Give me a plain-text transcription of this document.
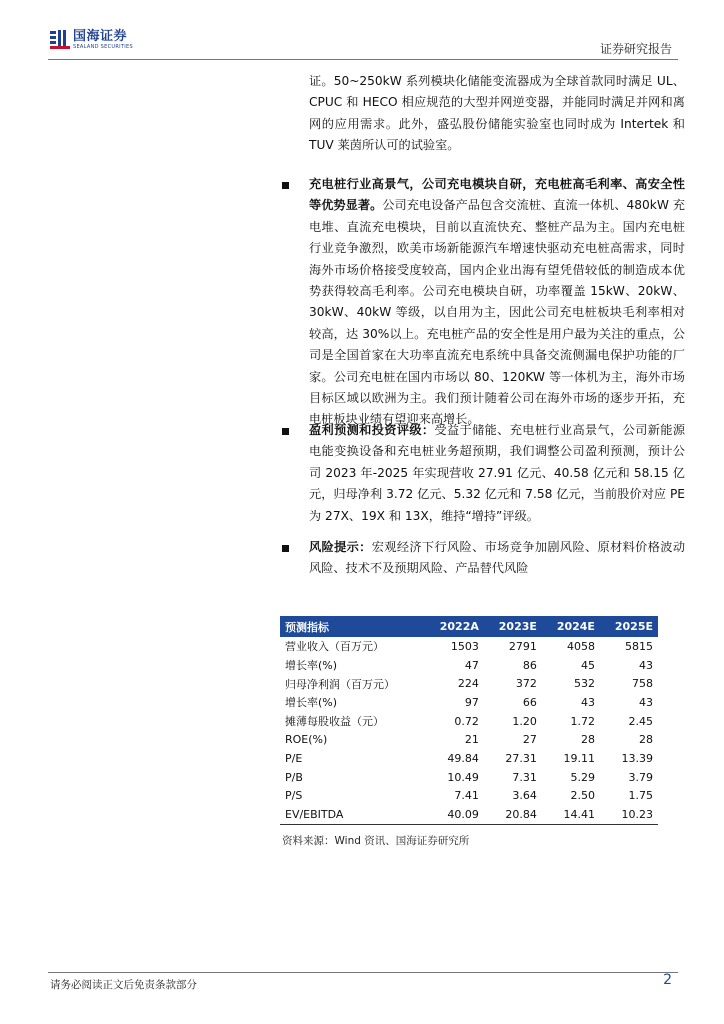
国海证券
SEALAND SECURITIES	证券研究报告

证。50~250kW 系列模块化储能变流器成为全球首款同时满足 UL、CPUC 和 HECO 相应规范的大型并网逆变器，并能同时满足并网和离网的应用需求。此外，盛弘股份储能实验室也同时成为 Intertek 和 TUV 莱茵所认可的试验室。

充电桩行业高景气，公司充电模块自研，充电桩高毛利率、高安全性等优势显著。公司充电设备产品包含交流桩、直流一体机、480kW 充电堆、直流充电模块，目前以直流快充、整桩产品为主。国内充电桩行业竞争激烈，欧美市场新能源汽车增速快驱动充电桩高需求，同时海外市场价格接受度较高，国内企业出海有望凭借较低的制造成本优势获得较高毛利率。公司充电模块自研，功率覆盖 15kW、20kW、30kW、40kW 等级，以自用为主，因此公司充电桩板块毛利率相对较高，达 30%以上。充电桩产品的安全性是用户最为关注的重点，公司是全国首家在大功率直流充电系统中具备交流侧漏电保护功能的厂家。公司充电桩在国内市场以 80、120KW 等一体机为主，海外市场目标区域以欧洲为主。我们预计随着公司在海外市场的逐步开拓，充电桩板块业绩有望迎来高增长。

盈利预测和投资评级：受益于储能、充电桩行业高景气，公司新能源电能变换设备和充电桩业务超预期，我们调整公司盈利预测，预计公司 2023 年-2025 年实现营收 27.91 亿元、40.58 亿元和 58.15 亿元，归母净利 3.72 亿元、5.32 亿元和 7.58 亿元，当前股价对应 PE 为 27X、19X 和 13X，维持“增持”评级。

风险提示：宏观经济下行风险、市场竞争加剧风险、原材料价格波动风险、技术不及预期风险、产品替代风险

预测指标	2022A	2023E	2024E	2025E
营业收入（百万元）	1503	2791	4058	5815
增长率(%)	47	86	45	43
归母净利润（百万元）	224	372	532	758
增长率(%)	97	66	43	43
摊薄每股收益（元）	0.72	1.20	1.72	2.45
ROE(%)	21	27	28	28
P/E	49.84	27.31	19.11	13.39
P/B	10.49	7.31	5.29	3.79
P/S	7.41	3.64	2.50	1.75
EV/EBITDA	40.09	20.84	14.41	10.23
资料来源：Wind 资讯、国海证券研究所
请务必阅读正文后免责条款部分	2
